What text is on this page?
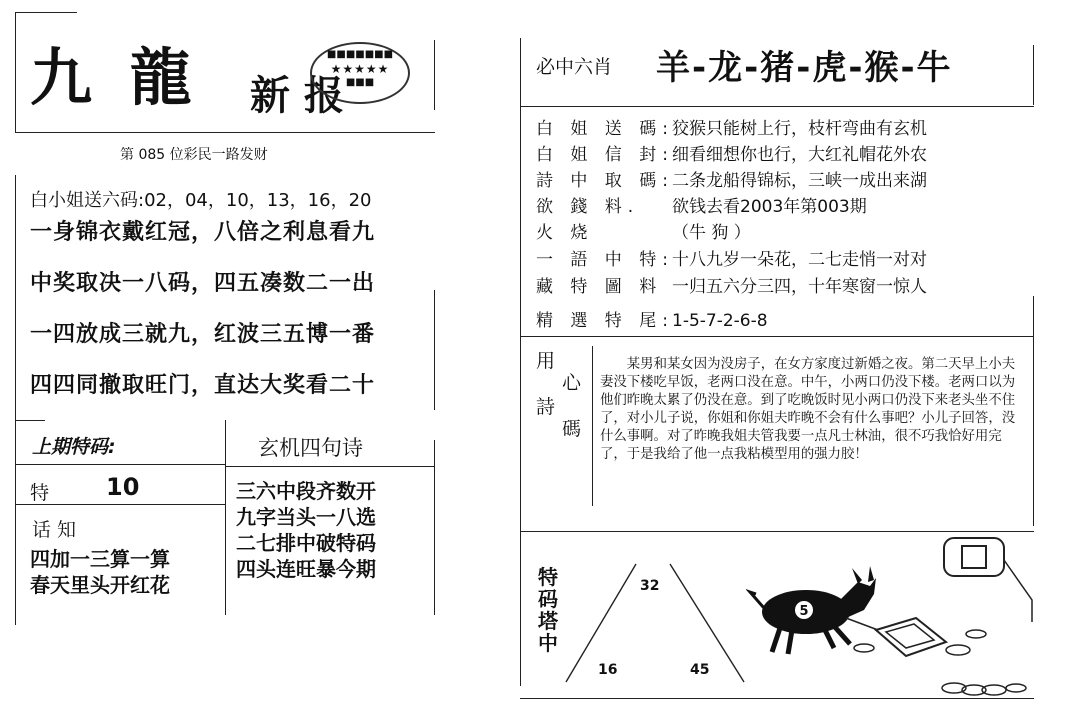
九 龍 新 报
■■■■■■■
★★★★★
■■■
第 085 位彩民一路发财
白小姐送六码:02，04，10，13，16，20
一身锦衣戴红冠，八倍之利息看九
中奖取决一八码，四五凑数二一出
一四放成三就九，红波三五博一番
四四同撤取旺门，直达大奖看二十
上期特码:
特 10
话 知
四加一三算一算
春天里头开红花
玄机四句诗
三六中段齐数开
九字当头一八选
二七排中破特码
四头连旺暴今期
必中六肖 羊-龙-猪-虎-猴-牛
白 姐 送 碼:狡猴只能树上行，枝杆弯曲有玄机
白 姐 信 封:细看细想你也行，大红礼帽花外农
詩 中 取 碼:二条龙船得锦标，三峡一成出来湖
欲 錢 料. 欲钱去看2003年第003期
火 烧	（牛 狗 ）
一 語 中 特:十八九岁一朵花，二七走悄一对对
藏 特 圖 料 一归五六分三四，十年寒窗一惊人
精 選 特 尾:1-5-7-2-6-8
用
心
詩
碼
某男和某女因为没房子，在女方家度过新婚之夜。第二天早上小夫妻没下楼吃早饭，老两口没在意。中午，小两口仍没下楼。老两口以为他们昨晚太累了仍没在意。到了吃晚饭时见小两口仍没下来老头坐不住了，对小儿子说，你姐和你姐夫昨晚不会有什么事吧？小儿子回答，没什么事啊。对了昨晚我姐夫管我要一点凡士林油，很不巧我恰好用完了，于是我给了他一点我粘模型用的强力胶！
特
码
塔
中
32
16	45
5
